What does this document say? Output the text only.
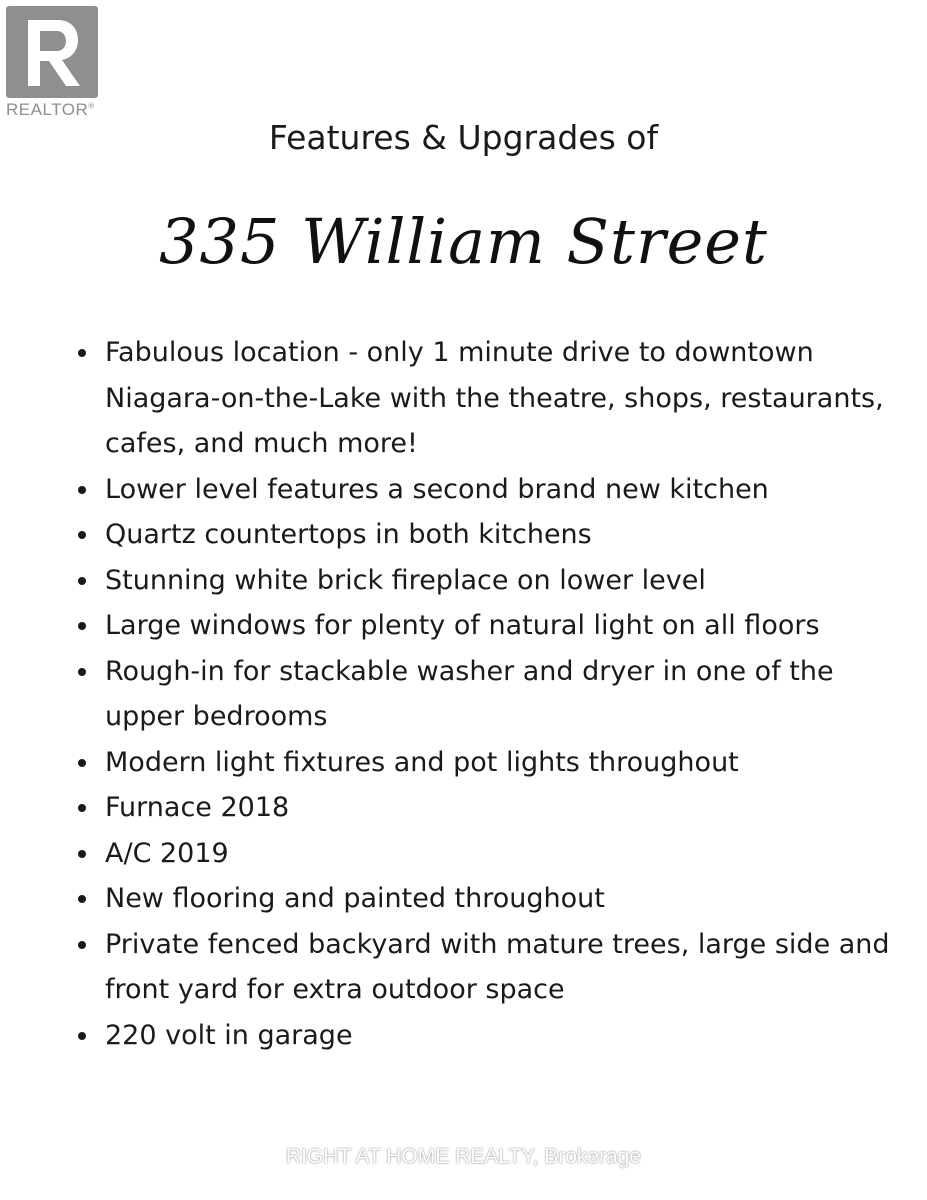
REALTOR®
Features & Upgrades of
335 William Street
Fabulous location - only 1 minute drive to downtown Niagara-on-the-Lake with the theatre, shops, restaurants, cafes, and much more!
Lower level features a second brand new kitchen
Quartz countertops in both kitchens
Stunning white brick fireplace on lower level
Large windows for plenty of natural light on all floors
Rough-in for stackable washer and dryer in one of the upper bedrooms
Modern light fixtures and pot lights throughout
Furnace 2018
A/C 2019
New flooring and painted throughout
Private fenced backyard with mature trees, large side and front yard for extra outdoor space
220 volt in garage
RIGHT AT HOME REALTY, Brokerage
